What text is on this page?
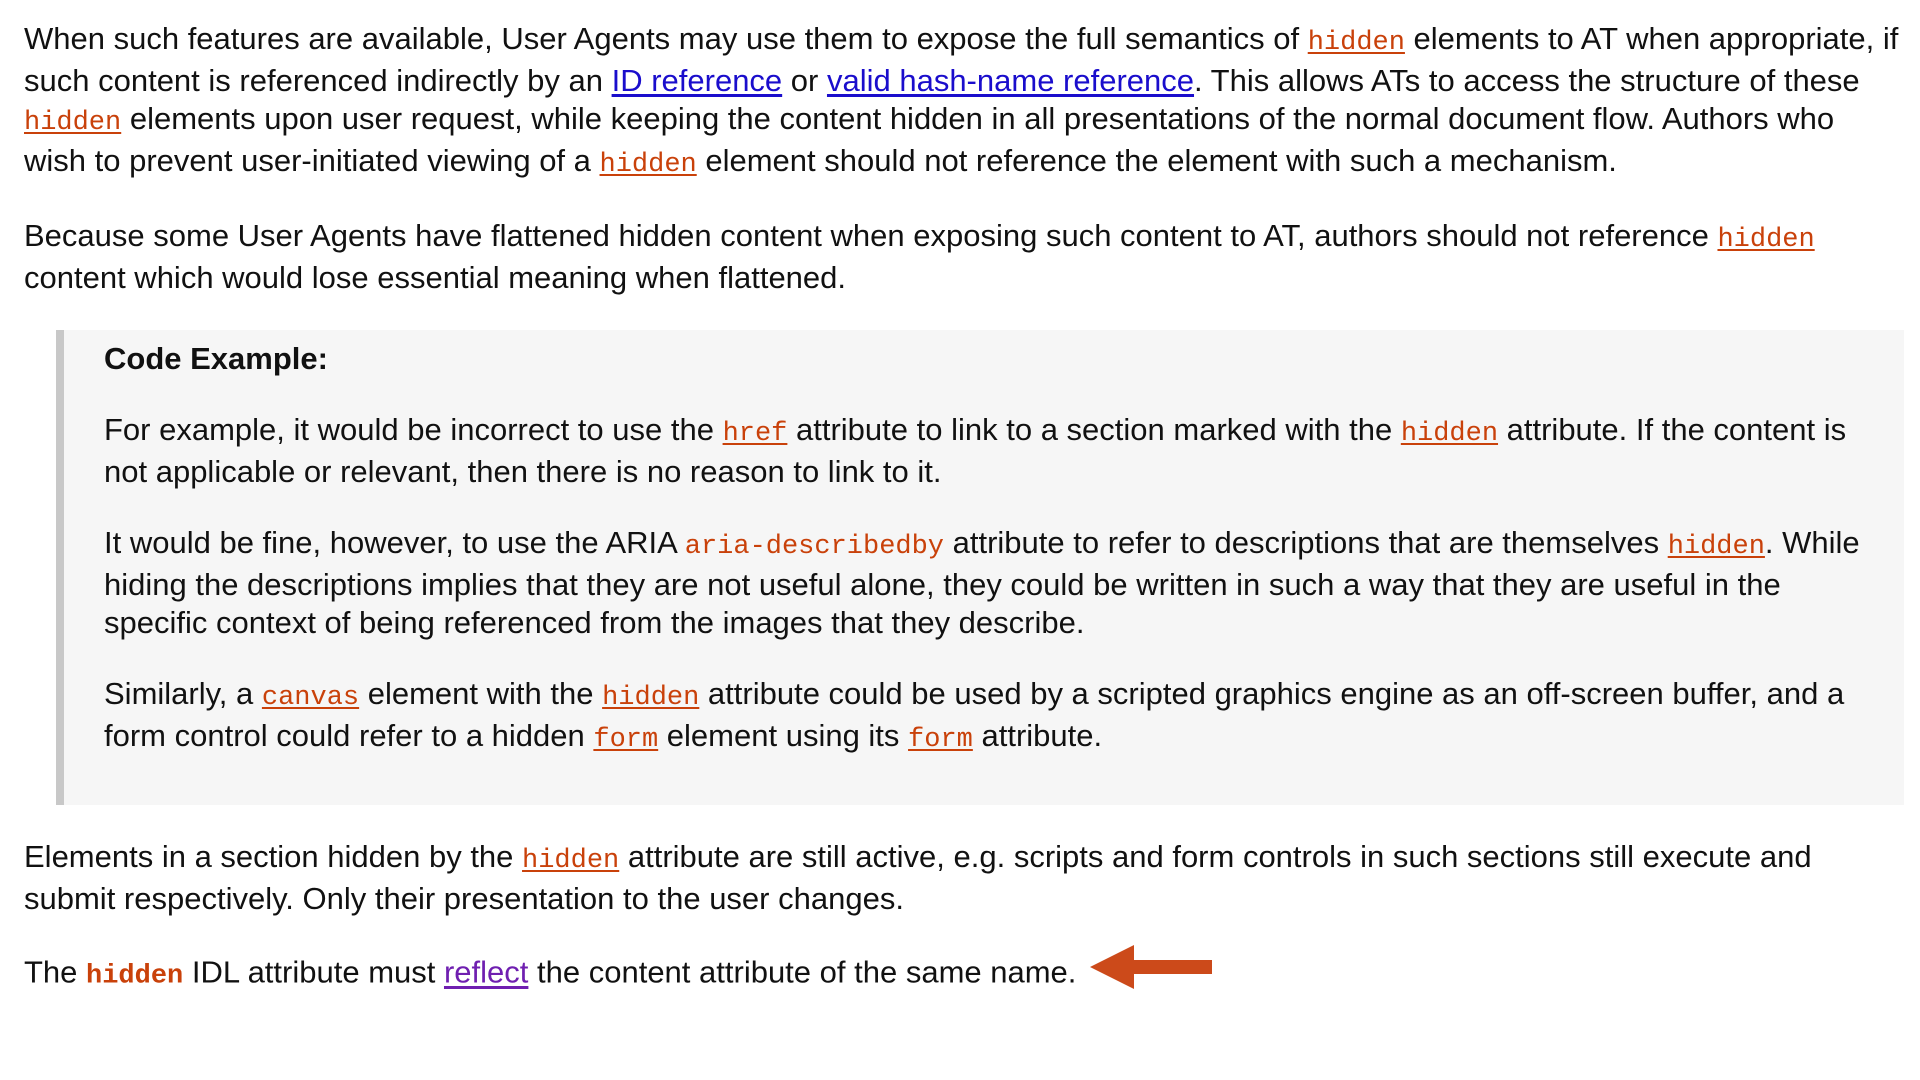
When such features are available, User Agents may use them to expose the full semantics of hidden elements to AT when appropriate, if such content is referenced indirectly by an ID reference or valid hash-name reference. This allows ATs to access the structure of these hidden elements upon user request, while keeping the content hidden in all presentations of the normal document flow. Authors who wish to prevent user-initiated viewing of a hidden element should not reference the element with such a mechanism.

Because some User Agents have flattened hidden content when exposing such content to AT, authors should not reference hidden content which would lose essential meaning when flattened.

Code Example:

For example, it would be incorrect to use the href attribute to link to a section marked with the hidden attribute. If the content is not applicable or relevant, then there is no reason to link to it.

It would be fine, however, to use the ARIA aria-describedby attribute to refer to descriptions that are themselves hidden. While hiding the descriptions implies that they are not useful alone, they could be written in such a way that they are useful in the specific context of being referenced from the images that they describe.

Similarly, a canvas element with the hidden attribute could be used by a scripted graphics engine as an off-screen buffer, and a form control could refer to a hidden form element using its form attribute.

Elements in a section hidden by the hidden attribute are still active, e.g. scripts and form controls in such sections still execute and submit respectively. Only their presentation to the user changes.

The hidden IDL attribute must reflect the content attribute of the same name.
